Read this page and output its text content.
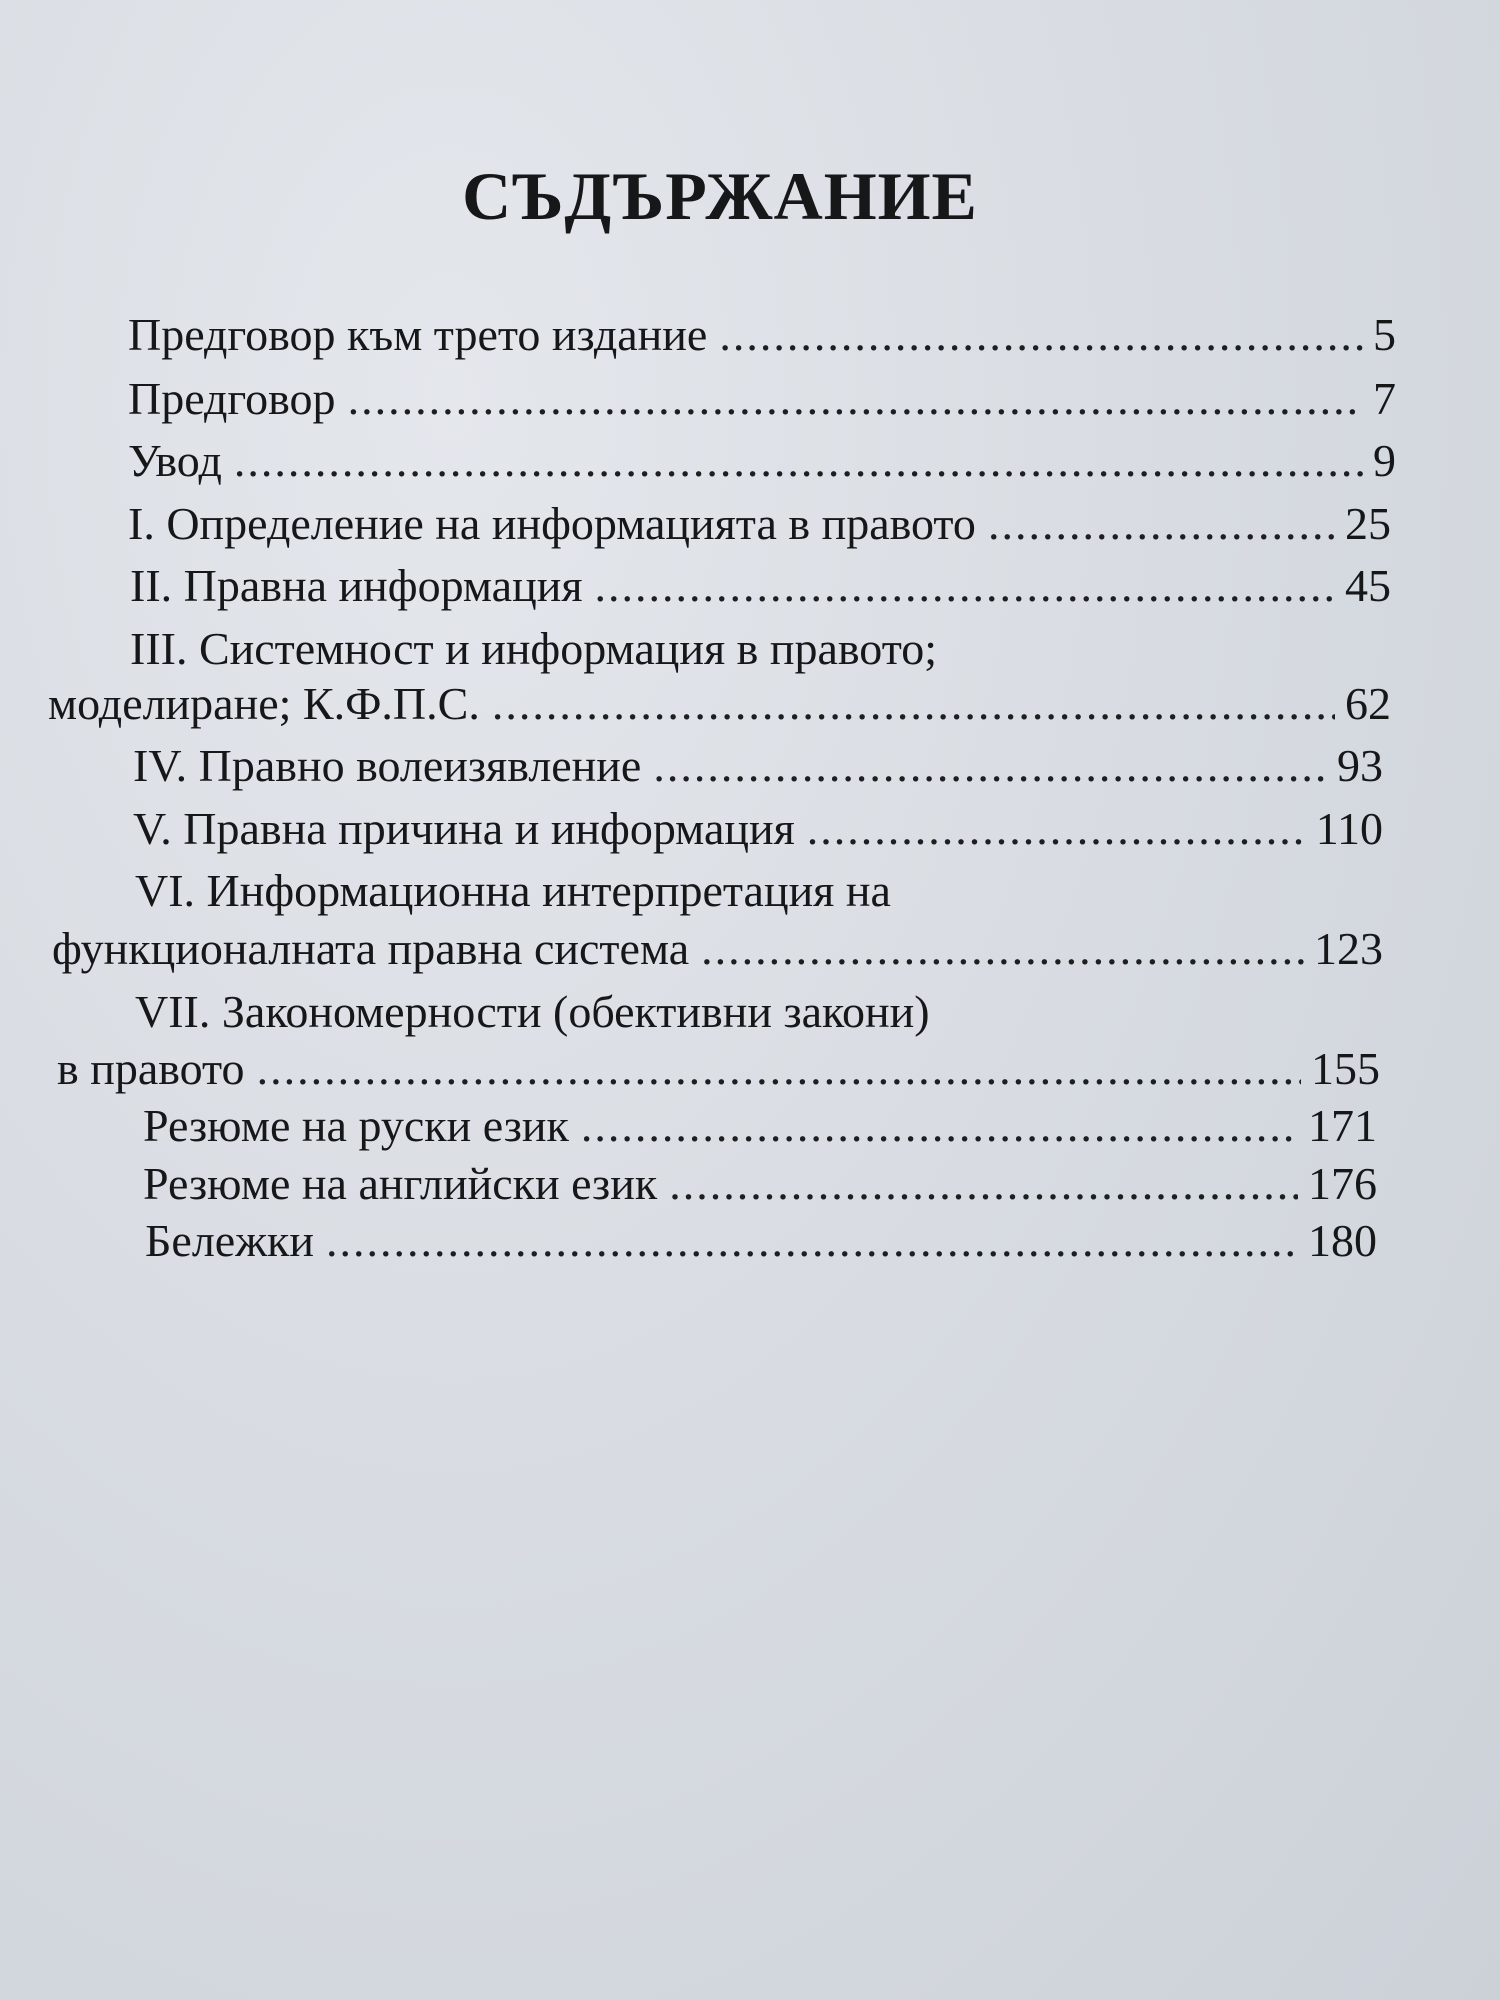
СЪДЪРЖАНИЕ
Предговор към трето издание .....	5
Предговор .....	7
Увод .....	9
I. Определение на информацията в правото .....	25
II. Правна информация .....	45
III. Системност и информация в правото;
моделиране; К.Ф.П.С. .....	62
IV. Правно волеизявление .....	93
V. Правна причина и информация .....	110
VI. Информационна интерпретация на
функционалната правна система .....	123
VII. Закономерности (обективни закони)
в правото .....	155
Резюме на руски език .....	171
Резюме на английски език .....	176
Бележки .....	180
